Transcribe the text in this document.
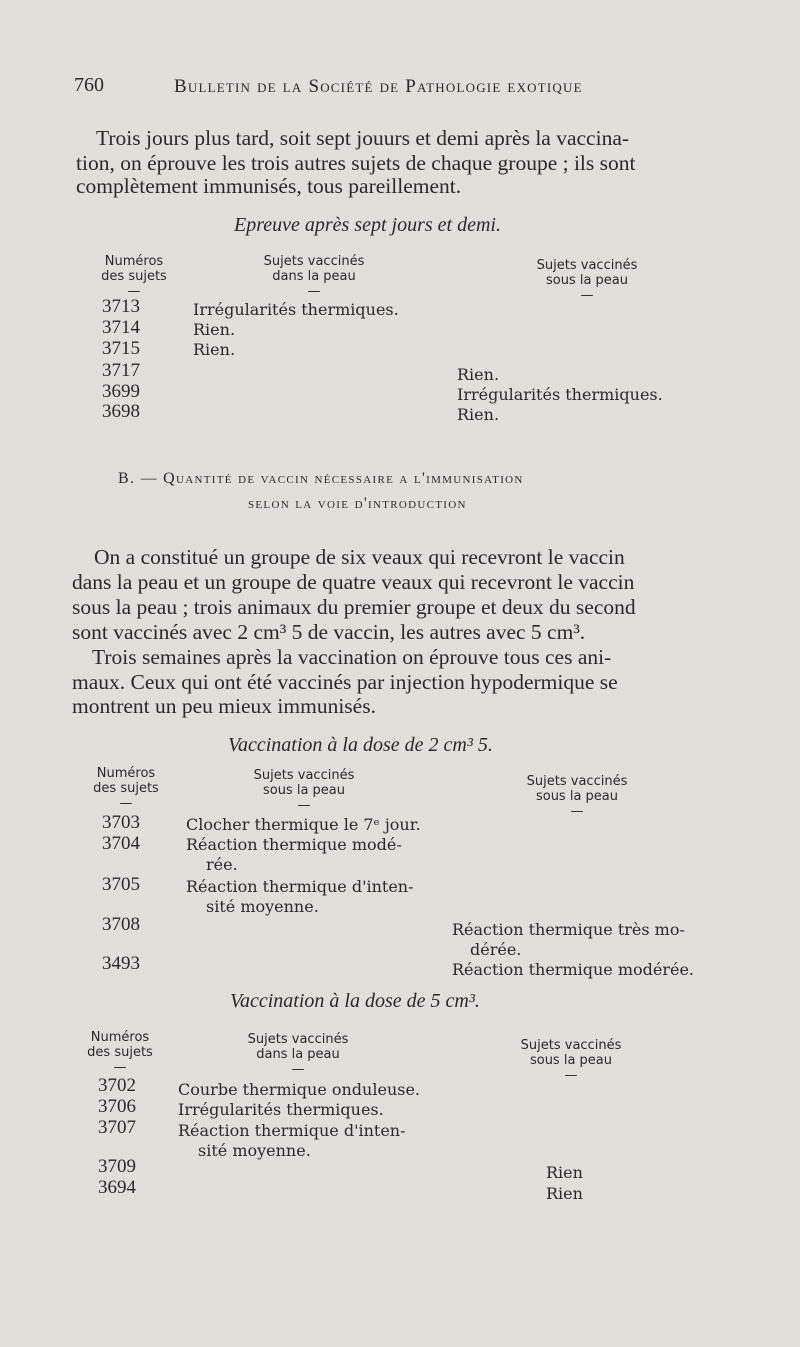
760	Bulletin de la Société de Pathologie exotique
Trois jours plus tard, soit sept jouurs et demi après la vaccina-
tion, on éprouve les trois autres sujets de chaque groupe ; ils sont
complètement immunisés, tous pareillement.
Epreuve après sept jours et demi.
Numéros
des sujets
—
Sujets vaccinés
dans la peau
—
Sujets vaccinés
sous la peau
—
3713
3714
3715
3717
3699
3698
Irrégularités thermiques.
Rien.
Rien.
Rien.
Irrégularités thermiques.
Rien.
B. — Quantité de vaccin nécessaire a l'immunisation
selon la voie d'introduction
On a constitué un groupe de six veaux qui recevront le vaccin
dans la peau et un groupe de quatre veaux qui recevront le vaccin
sous la peau ; trois animaux du premier groupe et deux du second
sont vaccinés avec 2 cm³ 5 de vaccin, les autres avec 5 cm³.
Trois semaines après la vaccination on éprouve tous ces ani-
maux. Ceux qui ont été vaccinés par injection hypodermique se
montrent un peu mieux immunisés.
Vaccination à la dose de 2 cm³ 5.
Numéros
des sujets
—
Sujets vaccinés
sous la peau
—
Sujets vaccinés
sous la peau
—
3703
3704
3705
3708
3493
Clocher thermique le 7ᵉ jour.
Réaction thermique modé-
rée.
Réaction thermique d'inten-
sité moyenne.
Réaction thermique très mo-
dérée.
Réaction thermique modérée.
Vaccination à la dose de 5 cm³.
Numéros
des sujets
—
Sujets vaccinés
dans la peau
—
Sujets vaccinés
sous la peau
—
3702
3706
3707
3709
3694
Courbe thermique onduleuse.
Irrégularités thermiques.
Réaction thermique d'inten-
sité moyenne.
Rien
Rien
